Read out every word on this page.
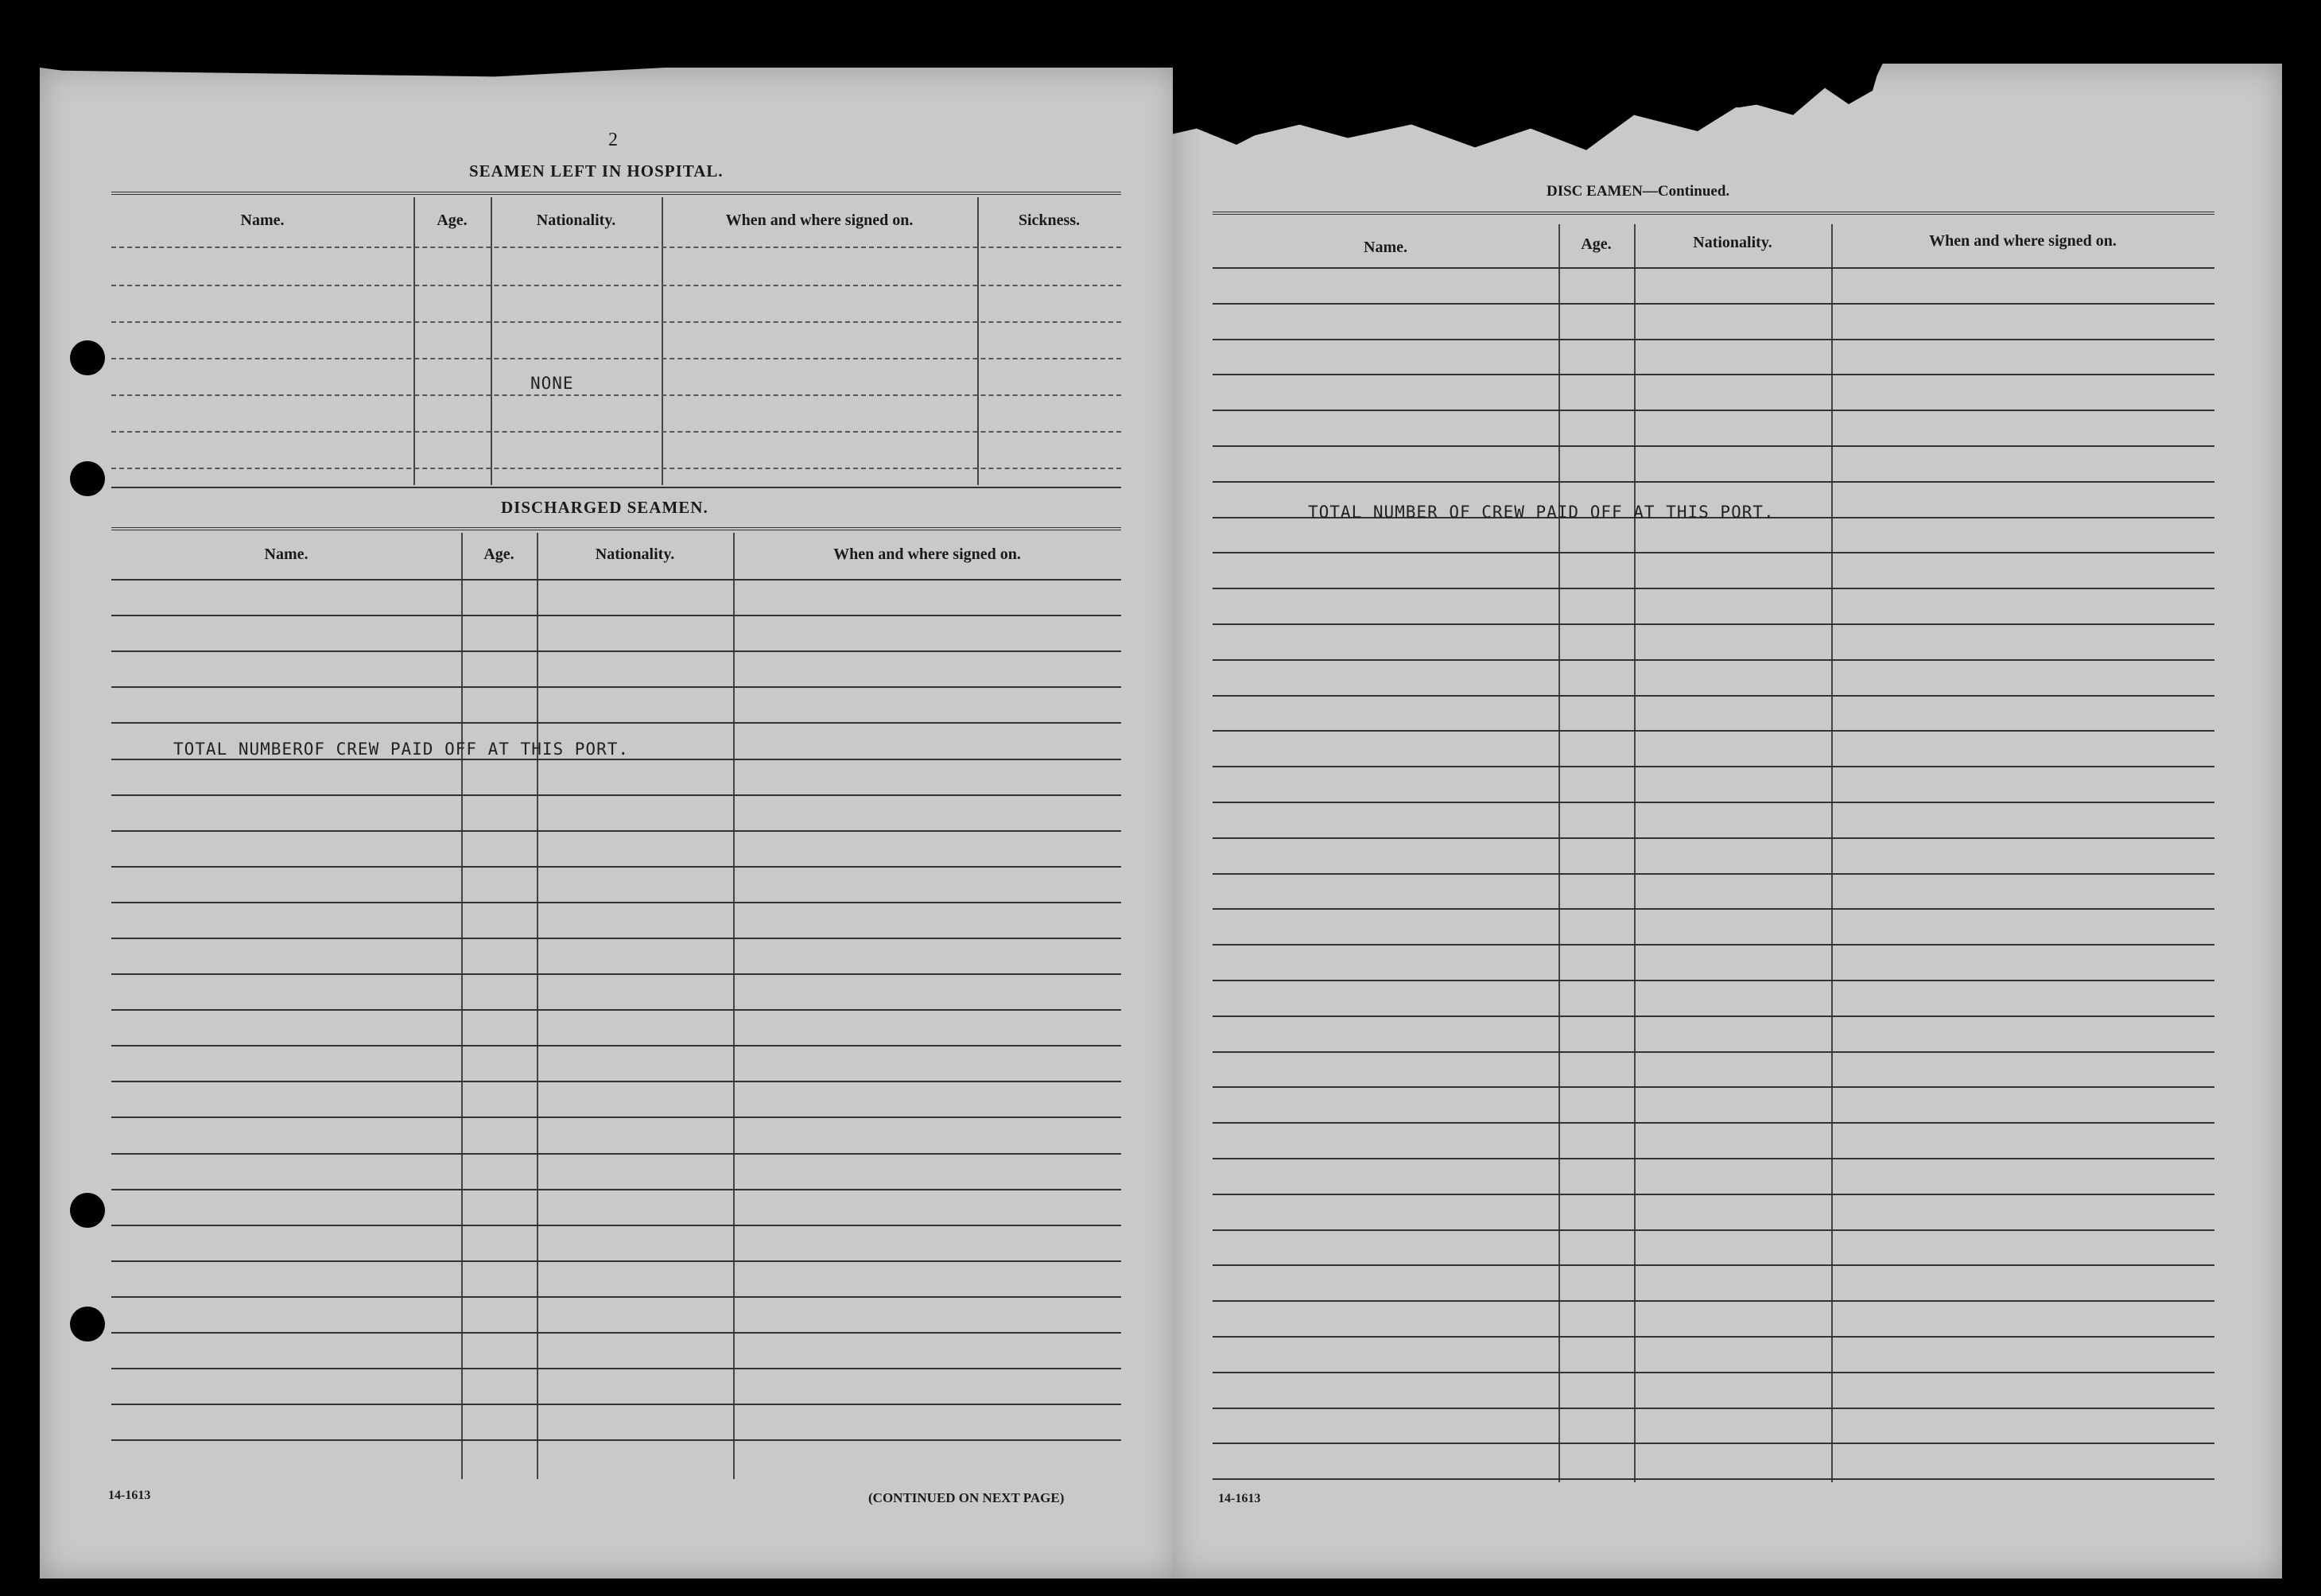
2
SEAMEN LEFT IN HOSPITAL.
Name.	Age.	Nationality.	When and where signed on.	Sickness.
NONE
DISCHARGED SEAMEN.
Name.	Age.	Nationality.	When and where signed on.
TOTAL NUMBEROF CREW PAID OFF AT THIS PORT.
14-1613	(CONTINUED ON NEXT PAGE)
DISC EAMEN—Continued.
Name.	Age.	Nationality.	When and where signed on.
TOTAL NUMBER OF CREW PAID OFF AT THIS PORT.
14-1613
